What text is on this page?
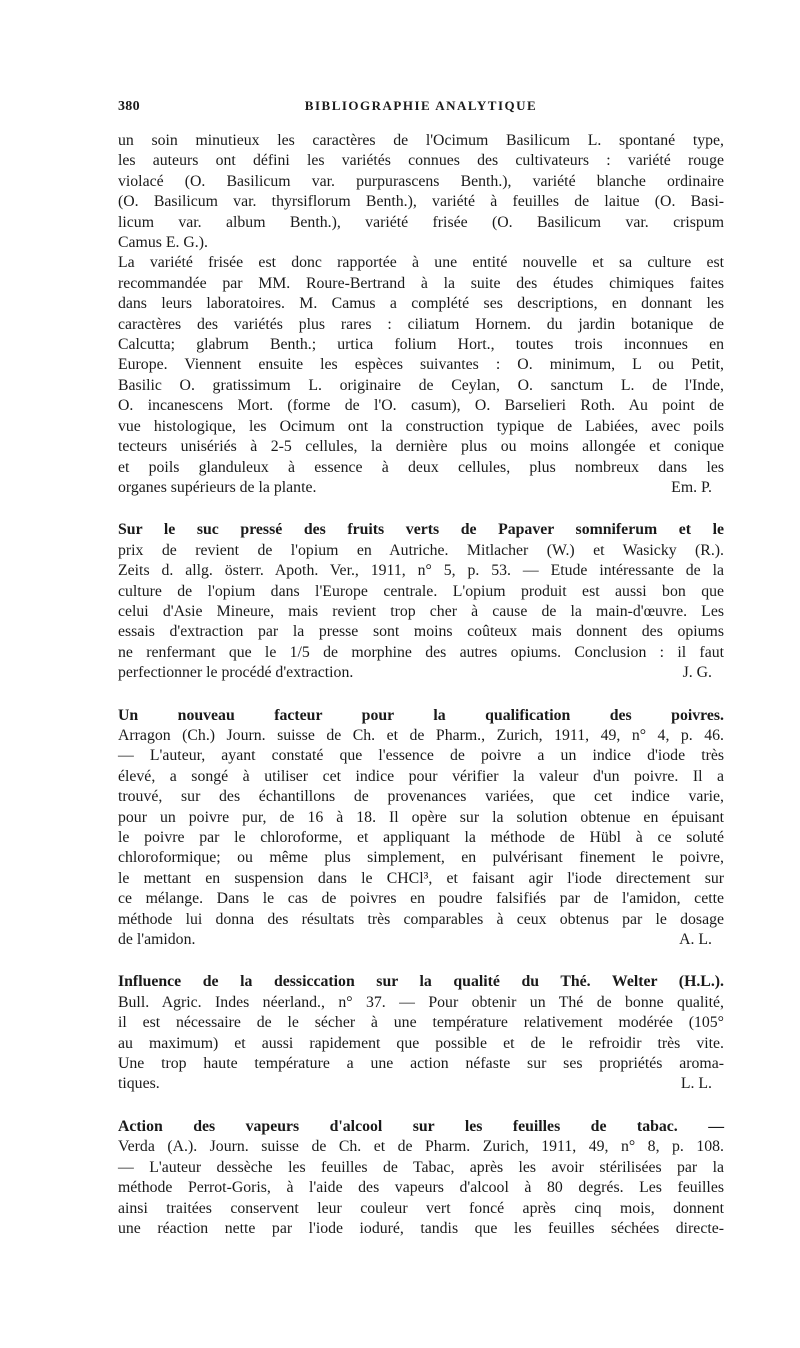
380	BIBLIOGRAPHIE ANALYTIQUE
un soin minutieux les caractères de l'Ocimum Basilicum L. spontané type,
les auteurs ont défini les variétés connues des cultivateurs : variété rouge
violacé (O. Basilicum var. purpurascens Benth.), variété blanche ordinaire
(O. Basilicum var. thyrsiflorum Benth.), variété à feuilles de laitue (O. Basi-
licum var. album Benth.), variété frisée (O. Basilicum var. crispum
Camus E. G.).
La variété frisée est donc rapportée à une entité nouvelle et sa culture est
recommandée par MM. Roure-Bertrand à la suite des études chimiques faites
dans leurs laboratoires. M. Camus a complété ses descriptions, en donnant les
caractères des variétés plus rares : ciliatum Hornem. du jardin botanique de
Calcutta; glabrum Benth.; urtica folium Hort., toutes trois inconnues en
Europe. Viennent ensuite les espèces suivantes : O. minimum, L ou Petit,
Basilic O. gratissimum L. originaire de Ceylan, O. sanctum L. de l'Inde,
O. incanescens Mort. (forme de l'O. casum), O. Barselieri Roth. Au point de
vue histologique, les Ocimum ont la construction typique de Labiées, avec poils
tecteurs unisériés à 2-5 cellules, la dernière plus ou moins allongée et conique
et poils glanduleux à essence à deux cellules, plus nombreux dans les
organes supérieurs de la plante.	Em. P.
Sur le suc pressé des fruits verts de Papaver somniferum et le
prix de revient de l'opium en Autriche. Mitlacher (W.) et Wasicky (R.).
Zeits d. allg. österr. Apoth. Ver., 1911, n° 5, p. 53. — Etude intéressante de la
culture de l'opium dans l'Europe centrale. L'opium produit est aussi bon que
celui d'Asie Mineure, mais revient trop cher à cause de la main-d'œuvre. Les
essais d'extraction par la presse sont moins coûteux mais donnent des opiums
ne renfermant que le 1/5 de morphine des autres opiums. Conclusion : il faut
perfectionner le procédé d'extraction.	J. G.
Un nouveau facteur pour la qualification des poivres.
Arragon (Ch.) Journ. suisse de Ch. et de Pharm., Zurich, 1911, 49, n° 4, p. 46.
— L'auteur, ayant constaté que l'essence de poivre a un indice d'iode très
élevé, a songé à utiliser cet indice pour vérifier la valeur d'un poivre. Il a
trouvé, sur des échantillons de provenances variées, que cet indice varie,
pour un poivre pur, de 16 à 18. Il opère sur la solution obtenue en épuisant
le poivre par le chloroforme, et appliquant la méthode de Hübl à ce soluté
chloroformique; ou même plus simplement, en pulvérisant finement le poivre,
le mettant en suspension dans le CHCl³, et faisant agir l'iode directement sur
ce mélange. Dans le cas de poivres en poudre falsifiés par de l'amidon, cette
méthode lui donna des résultats très comparables à ceux obtenus par le dosage
de l'amidon.	A. L.
Influence de la dessiccation sur la qualité du Thé. Welter (H.L.).
Bull. Agric. Indes néerland., n° 37. — Pour obtenir un Thé de bonne qualité,
il est nécessaire de le sécher à une température relativement modérée (105°
au maximum) et aussi rapidement que possible et de le refroidir très vite.
Une trop haute température a une action néfaste sur ses propriétés aroma-
tiques.	L. L.
Action des vapeurs d'alcool sur les feuilles de tabac. —
Verda (A.). Journ. suisse de Ch. et de Pharm. Zurich, 1911, 49, n° 8, p. 108.
— L'auteur dessèche les feuilles de Tabac, après les avoir stérilisées par la
méthode Perrot-Goris, à l'aide des vapeurs d'alcool à 80 degrés. Les feuilles
ainsi traitées conservent leur couleur vert foncé après cinq mois, donnent
une réaction nette par l'iode ioduré, tandis que les feuilles séchées directe-
